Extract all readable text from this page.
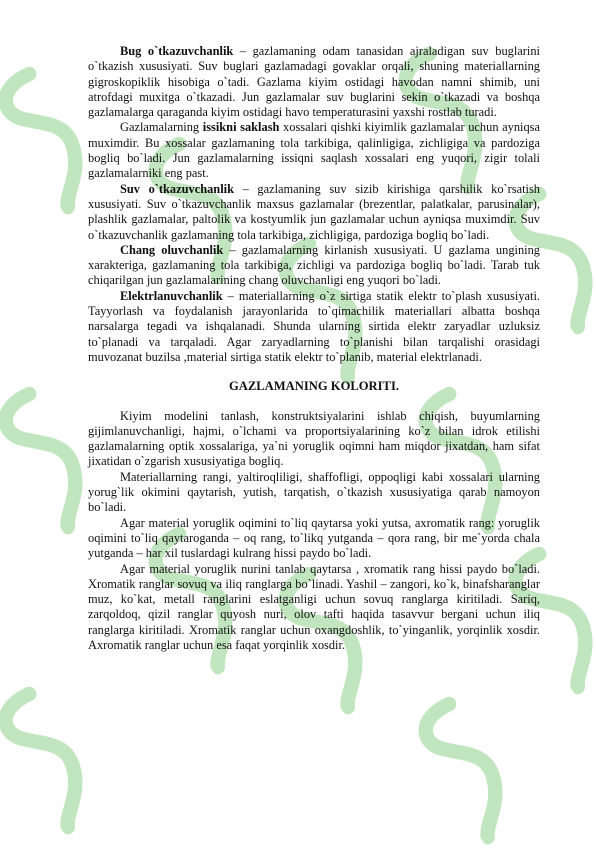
Bug o`tkazuvchanlik – gazlamaning odam tanasidan ajraladigan suv buglarini o`tkazish xususiyati. Suv buglari gazlamadagi govaklar orqali, shuning materiallarning gigroskopiklik hisobiga o`tadi. Gazlama kiyim ostidagi havodan namni shimib, uni atrofdagi muxitga o`tkazadi. Jun gazlamalar suv buglarini sekin o`tkazadi va boshqa gazlamalarga qaraganda kiyim ostidagi havo temperaturasini yaxshi rostlab turadi.

Gazlamalarning issikni saklash xossalari qishki kiyimlik gazlamalar uchun ayniqsa muximdir. Bu xossalar gazlamaning tola tarkibiga, qalinligiga, zichligiga va pardoziga bogliq bo`ladi. Jun gazlamalarning issiqni saqlash xossalari eng yuqori, zigir tolali gazlamalarniki eng past.

Suv o`tkazuvchanlik – gazlamaning suv sizib kirishiga qarshilik ko`rsatish xususiyati. Suv o`tkazuvchanlik maxsus gazlamalar (brezentlar, palatkalar, parusinalar), plashlik gazlamalar, paltolik va kostyumlik jun gazlamalar uchun ayniqsa muximdir. Suv o`tkazuvchanlik gazlamaning tola tarkibiga, zichligiga, pardoziga bogliq bo`ladi.

Chang oluvchanlik – gazlamalarning kirlanish xususiyati. U gazlama ungining xarakteriga, gazlamaning tola tarkibiga, zichligi va pardoziga bogliq bo`ladi. Tarab tuk chiqarilgan jun gazlamalarining chang oluvchanligi eng yuqori bo`ladi.

Elektrlanuvchanlik – materiallarning o`z sirtiga statik elektr to`plash xususiyati. Tayyorlash va foydalanish jarayonlarida to`qimachilik materiallari albatta boshqa narsalarga tegadi va ishqalanadi. Shunda ularning sirtida elektr zaryadlar uzluksiz to`planadi va tarqaladi. Agar zaryadlarning to`planishi bilan tarqalishi orasidagi muvozanat buzilsa ,material sirtiga statik elektr to`planib, material elektrlanadi.

GAZLAMANING KOLORITI.

Kiyim modelini tanlash, konstruktsiyalarini ishlab chiqish, buyumlarning gijimlanuvchanligi, hajmi, o`lchami va proportsiyalarining ko`z bilan idrok etilishi gazlamalarning optik xossalariga, ya`ni yoruglik oqimni ham miqdor jixatdan, ham sifat jixatidan o`zgarish xususiyatiga bogliq.

Materiallarning rangi, yaltiroqliligi, shaffofligi, oppoqligi kabi xossalari ularning yorug`lik okimini qaytarish, yutish, tarqatish, o`tkazish xususiyatiga qarab namoyon bo`ladi.

Agar material yoruglik oqimini to`liq qaytarsa yoki yutsa, axromatik rang: yoruglik oqimini to`liq qaytaroganda – oq rang, to`likq yutganda – qora rang, bir me`yorda chala yutganda – har xil tuslardagi kulrang hissi paydo bo`ladi.

Agar material yoruglik nurini tanlab qaytarsa , xromatik rang hissi paydo bo`ladi. Xromatik ranglar sovuq va iliq ranglarga bo`linadi. Yashil – zangori, ko`k, binafsharanglar muz, ko`kat, metall ranglarini eslatganligi uchun sovuq ranglarga kiritiladi. Sariq, zarqoldoq, qizil ranglar quyosh nuri, olov tafti haqida tasavvur bergani uchun iliq ranglarga kiritiladi. Xromatik ranglar uchun oxangdoshlik, to`yinganlik, yorqinlik xosdir. Axromatik ranglar uchun esa faqat yorqinlik xosdir.
